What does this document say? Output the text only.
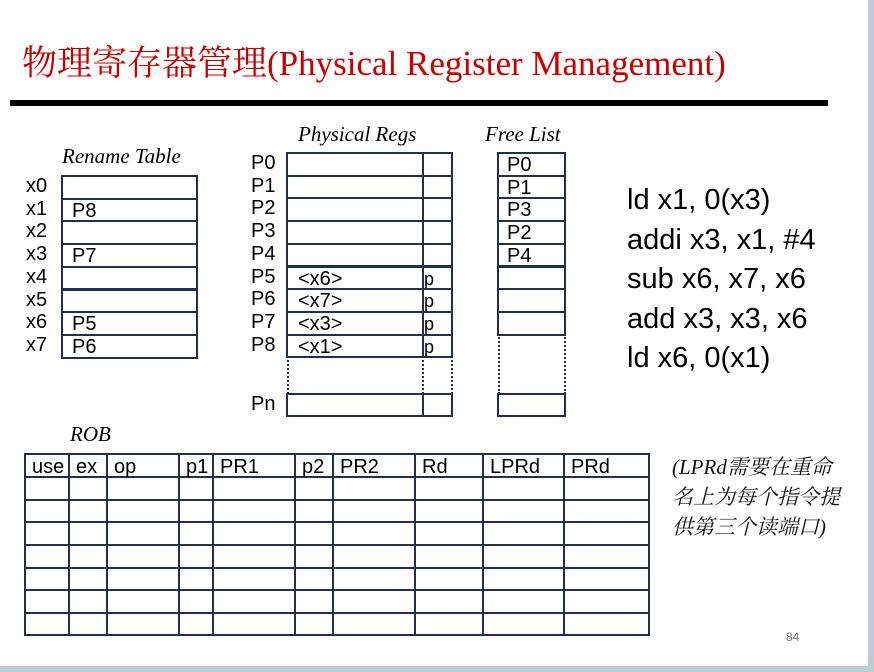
物理寄存器管理(Physical Register Management)
Rename Table
x0
x1 P8
x2
x3 P7
x4
x5
x6 P5
x7 P6
Physical Regs
P0
P1
P2
P3
P4
P5 <x6>	p
P6 <x7>	p
P7 <x3>	p
P8 <x1>	p
Pn
Free List
P0
P1
P3
P2
P4
ld x1, 0(x3)
addi x3, x1, #4
sub x6, x7, x6
add x3, x3, x6
ld x6, 0(x1)
ROB
use ex op p1 PR1 p2 PR2 Rd LPRd PRd	(LPRd需要在重命名上为每个指令提供第三个读端口)
84
